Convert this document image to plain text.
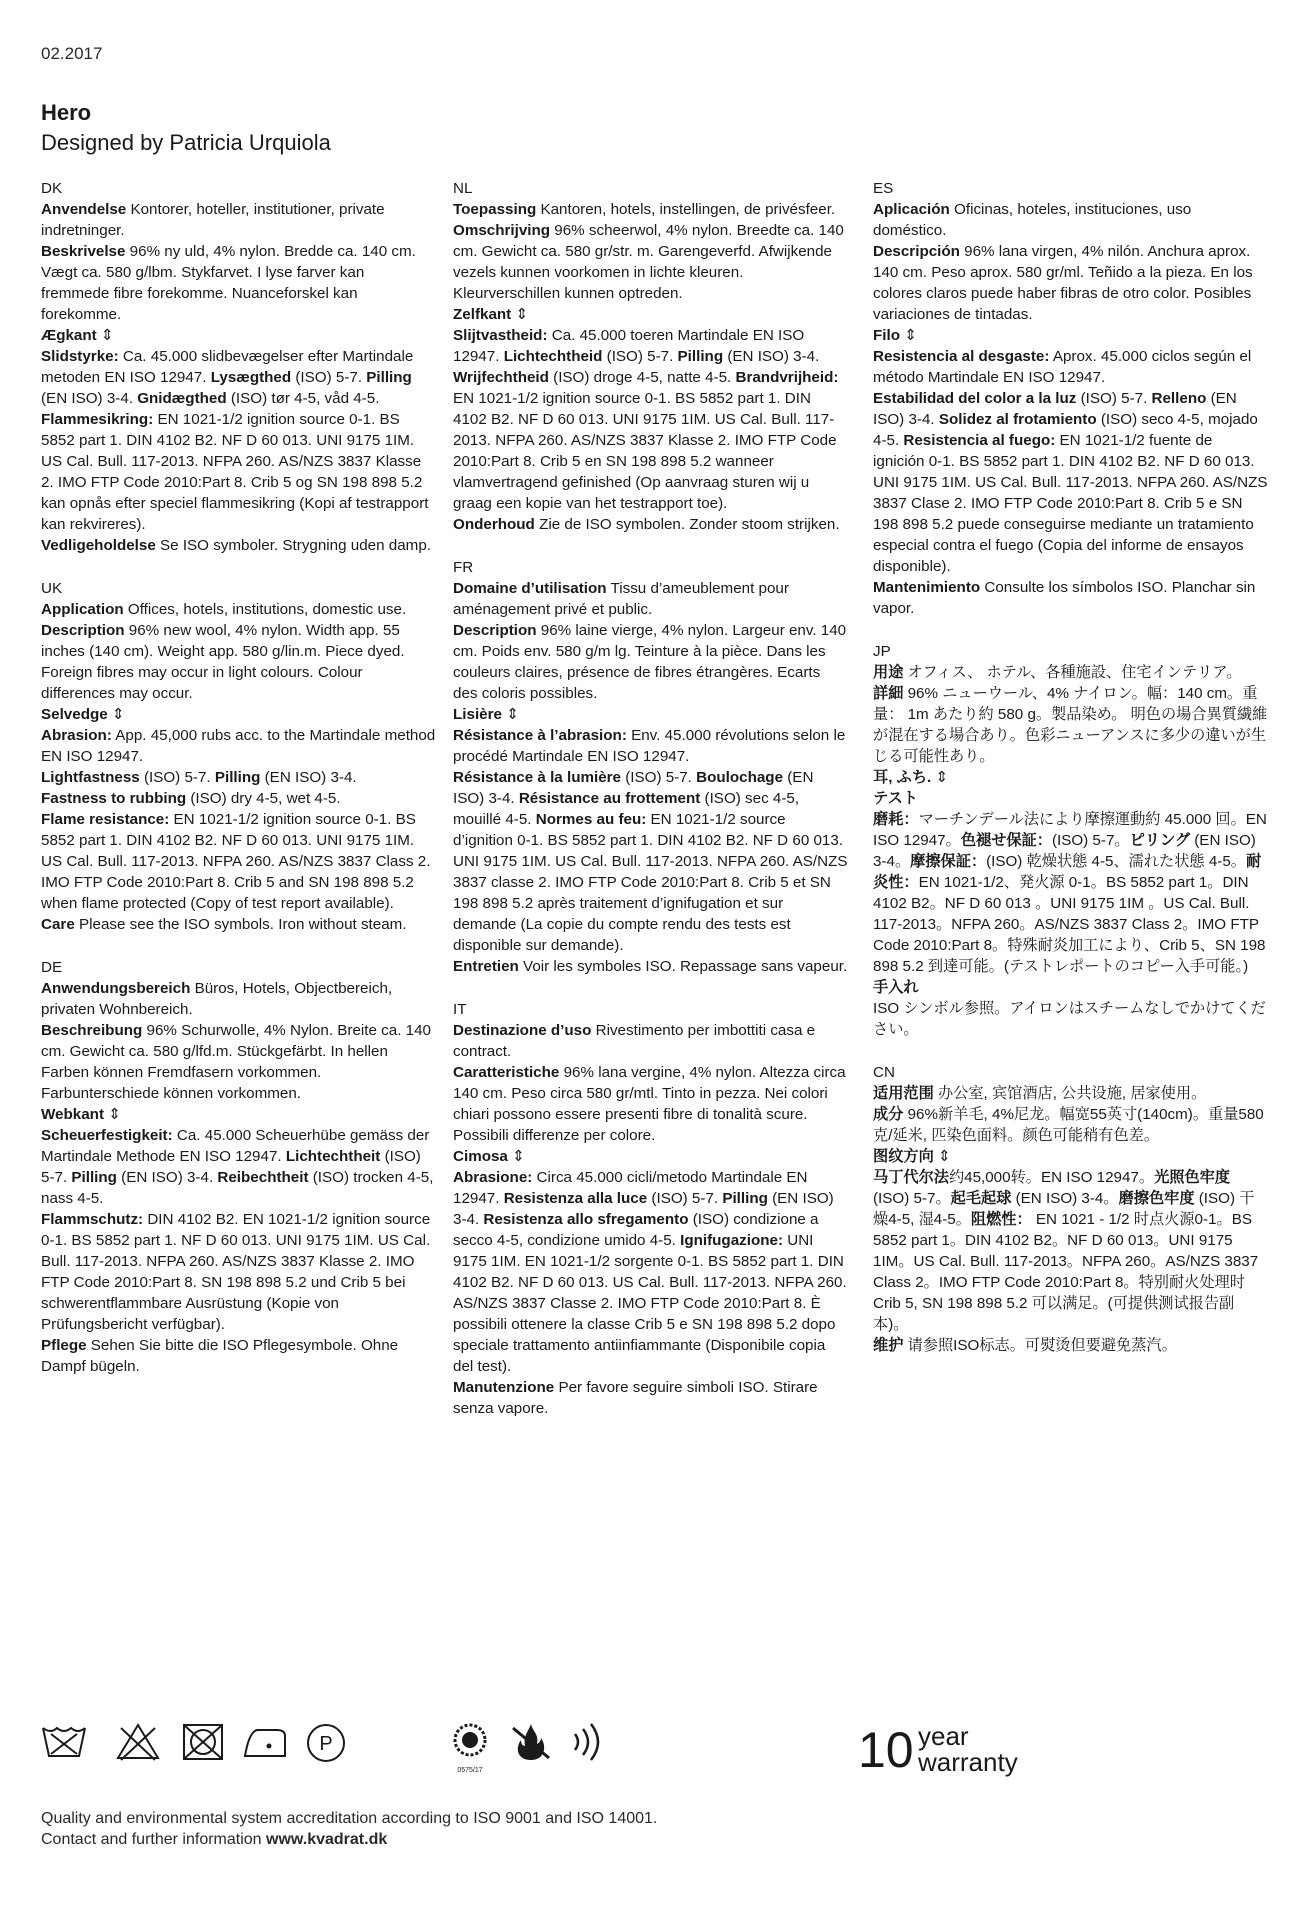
02.2017
Hero
Designed by Patricia Urquiola
DK
Anvendelse Kontorer, hoteller, institutioner, private indretninger.
Beskrivelse 96% ny uld, 4% nylon. Bredde ca. 140 cm. Vægt ca. 580 g/lbm. Stykfarvet. I lyse farver kan fremmede fibre forekomme. Nuanceforskel kan forekomme.
Ægkant ⇕
Slidstyrke: Ca. 45.000 slidbevægelser efter Martindale metoden EN ISO 12947. Lysægthed (ISO) 5-7. Pilling (EN ISO) 3-4. Gnidægthed (ISO) tør 4-5, våd 4-5. Flammesikring: EN 1021-1/2 ignition source 0-1. BS 5852 part 1. DIN 4102 B2. NF D 60 013. UNI 9175 1IM. US Cal. Bull. 117-2013. NFPA 260. AS/NZS 3837 Klasse 2. IMO FTP Code 2010:Part 8. Crib 5 og SN 198 898 5.2 kan opnås efter speciel flammesikring (Kopi af testrapport kan rekvireres).
Vedligeholdelse Se ISO symboler. Strygning uden damp.
UK
Application Offices, hotels, institutions, domestic use.
Description 96% new wool, 4% nylon. Width app. 55 inches (140 cm). Weight app. 580 g/lin.m. Piece dyed. Foreign fibres may occur in light colours. Colour differences may occur.
Selvedge ⇕
Abrasion: App. 45,000 rubs acc. to the Martindale method EN ISO 12947.
Lightfastness (ISO) 5-7. Pilling (EN ISO) 3-4.
Fastness to rubbing (ISO) dry 4-5, wet 4-5.
Flame resistance: EN 1021-1/2 ignition source 0-1. BS 5852 part 1. DIN 4102 B2. NF D 60 013. UNI 9175 1IM. US Cal. Bull. 117-2013. NFPA 260. AS/NZS 3837 Class 2. IMO FTP Code 2010:Part 8. Crib 5 and SN 198 898 5.2 when flame protected (Copy of test report available).
Care Please see the ISO symbols. Iron without steam.
DE
Anwendungsbereich Büros, Hotels, Objectbereich, privaten Wohnbereich.
Beschreibung 96% Schurwolle, 4% Nylon. Breite ca. 140 cm. Gewicht ca. 580 g/lfd.m. Stückgefärbt. In hellen Farben können Fremdfasern vorkommen. Farbunterschiede können vorkommen.
Webkant ⇕
Scheuerfestigkeit: Ca. 45.000 Scheuerhübe gemäss der Martindale Methode EN ISO 12947. Lichtechtheit (ISO) 5-7. Pilling (EN ISO) 3-4. Reibechtheit (ISO) trocken 4-5, nass 4-5.
Flammschutz: DIN 4102 B2. EN 1021-1/2 ignition source 0-1. BS 5852 part 1. NF D 60 013. UNI 9175 1IM. US Cal. Bull. 117-2013. NFPA 260. AS/NZS 3837 Klasse 2. IMO FTP Code 2010:Part 8. SN 198 898 5.2 und Crib 5 bei schwerentflammbare Ausrüstung (Kopie von Prüfungsbericht verfügbar).
Pflege Sehen Sie bitte die ISO Pflegesymbole. Ohne Dampf bügeln.
NL
Toepassing Kantoren, hotels, instellingen, de privésfeer.
Omschrijving 96% scheerwol, 4% nylon. Breedte ca. 140 cm. Gewicht ca. 580 gr/str. m. Garengeverfd. Afwijkende vezels kunnen voorkomen in lichte kleuren. Kleurverschillen kunnen optreden.
Zelfkant ⇕
Slijtvastheid: Ca. 45.000 toeren Martindale EN ISO 12947. Lichtechtheid (ISO) 5-7. Pilling (EN ISO) 3-4. Wrijfechtheid (ISO) droge 4-5, natte 4-5. Brandvrijheid: EN 1021-1/2 ignition source 0-1. BS 5852 part 1. DIN 4102 B2. NF D 60 013. UNI 9175 1IM. US Cal. Bull. 117-2013. NFPA 260. AS/NZS 3837 Klasse 2. IMO FTP Code 2010:Part 8. Crib 5 en SN 198 898 5.2 wanneer vlamvertragend gefinished (Op aanvraag sturen wij u graag een kopie van het testrapport toe).
Onderhoud Zie de ISO symbolen. Zonder stoom strijken.
FR
Domaine d’utilisation Tissu d’ameublement pour aménagement privé et public.
Description 96% laine vierge, 4% nylon. Largeur env. 140 cm. Poids env. 580 g/m lg. Teinture à la pièce. Dans les couleurs claires, présence de fibres étrangères. Ecarts des coloris possibles.
Lisière ⇕
Résistance à l’abrasion: Env. 45.000 révolutions selon le procédé Martindale EN ISO 12947.
Résistance à la lumière (ISO) 5-7. Boulochage (EN ISO) 3-4. Résistance au frottement (ISO) sec 4-5, mouillé 4-5. Normes au feu: EN 1021-1/2 source d’ignition 0-1. BS 5852 part 1. DIN 4102 B2. NF D 60 013. UNI 9175 1IM. US Cal. Bull. 117-2013. NFPA 260. AS/NZS 3837 classe 2. IMO FTP Code 2010:Part 8. Crib 5 et SN 198 898 5.2 après traitement d’ignifugation et sur demande (La copie du compte rendu des tests est disponible sur demande).
Entretien Voir les symboles ISO. Repassage sans vapeur.
IT
Destinazione d’uso Rivestimento per imbottiti casa e contract.
Caratteristiche 96% lana vergine, 4% nylon. Altezza circa 140 cm. Peso circa 580 gr/mtl. Tinto in pezza. Nei colori chiari possono essere presenti fibre di tonalità scure. Possibili differenze per colore.
Cimosa ⇕
Abrasione: Circa 45.000 cicli/metodo Martindale EN 12947. Resistenza alla luce (ISO) 5-7. Pilling (EN ISO) 3-4. Resistenza allo sfregamento (ISO) condizione a secco 4-5, condizione umido 4-5. Ignifugazione: UNI 9175 1IM. EN 1021-1/2 sorgente 0-1. BS 5852 part 1. DIN 4102 B2. NF D 60 013. US Cal. Bull. 117-2013. NFPA 260. AS/NZS 3837 Classe 2. IMO FTP Code 2010:Part 8. È possibili ottenere la classe Crib 5 e SN 198 898 5.2 dopo speciale trattamento antiinfiammante (Disponibile copia del test).
Manutenzione Per favore seguire simboli ISO. Stirare senza vapore.
ES
Aplicación Oficinas, hoteles, instituciones, uso doméstico.
Descripción 96% lana virgen, 4% nilón. Anchura aprox. 140 cm. Peso aprox. 580 gr/ml. Teñido a la pieza. En los colores claros puede haber fibras de otro color. Posibles variaciones de tintadas.
Filo ⇕
Resistencia al desgaste: Aprox. 45.000 ciclos según el método Martindale EN ISO 12947.
Estabilidad del color a la luz (ISO) 5-7. Relleno (EN ISO) 3-4. Solidez al frotamiento (ISO) seco 4-5, mojado 4-5. Resistencia al fuego: EN 1021-1/2 fuente de ignición 0-1. BS 5852 part 1. DIN 4102 B2. NF D 60 013. UNI 9175 1IM. US Cal. Bull. 117-2013. NFPA 260. AS/NZS 3837 Clase 2. IMO FTP Code 2010:Part 8. Crib 5 e SN 198 898 5.2 puede conseguirse mediante un tratamiento especial contra el fuego (Copia del informe de ensayos disponible).
Mantenimiento Consulte los símbolos ISO. Planchar sin vapor.
JP
用途 オフィス、 ホテル、各種施設、住宅インテリア。
詳細 96% ニューウール、4% ナイロン。幅：140 cm。重量： 1m あたり約 580 g。製品染め。 明色の場合異質繊維が混在する場合あり。色彩ニューアンスに多少の違いが生じる可能性あり。
耳, ふち. ⇕
テスト
磨耗：マーチンデール法により摩擦運動約 45.000 回。EN ISO 12947。色褪せ保証：(ISO) 5-7。ピリング (EN ISO) 3-4。摩擦保証：(ISO) 乾燥状態 4-5、濡れた状態 4-5。耐炎性：EN 1021-1/2、発火源 0-1。BS 5852 part 1。DIN 4102 B2。NF D 60 013 。UNI 9175 1IM 。US Cal. Bull. 117-2013。NFPA 260。AS/NZS 3837 Class 2。IMO FTP Code 2010:Part 8。特殊耐炎加工により、Crib 5、SN 198 898 5.2 到達可能。(テストレポートのコピー入手可能。)
手入れ
ISO シンボル参照。アイロンはスチームなしでかけてください。
CN
适用范围 办公室, 宾馆酒店, 公共设施, 居家使用。
成分 96%新羊毛, 4%尼龙。幅宽55英寸(140cm)。重量580克/延米, 匹染色面料。颜色可能稍有色差。
图纹方向 ⇕
马丁代尔法约45,000转。EN ISO 12947。光照色牢度 (ISO) 5-7。起毛起球 (EN ISO) 3-4。磨擦色牢度 (ISO) 干燥4-5, 湿4-5。阻燃性： EN 1021 - 1/2 时点火源0-1。BS 5852 part 1。DIN 4102 B2。NF D 60 013。UNI 9175 1IM。US Cal. Bull. 117-2013。NFPA 260。AS/NZS 3837 Class 2。IMO FTP Code 2010:Part 8。特别耐火处理时Crib 5, SN 198 898 5.2 可以满足。(可提供测试报告副本)。
维护 请参照ISO标志。可熨烫但要避免蒸汽。
P
0575/17	10 year
warranty
Quality and environmental system accreditation according to ISO 9001 and ISO 14001.
Contact and further information www.kvadrat.dk
